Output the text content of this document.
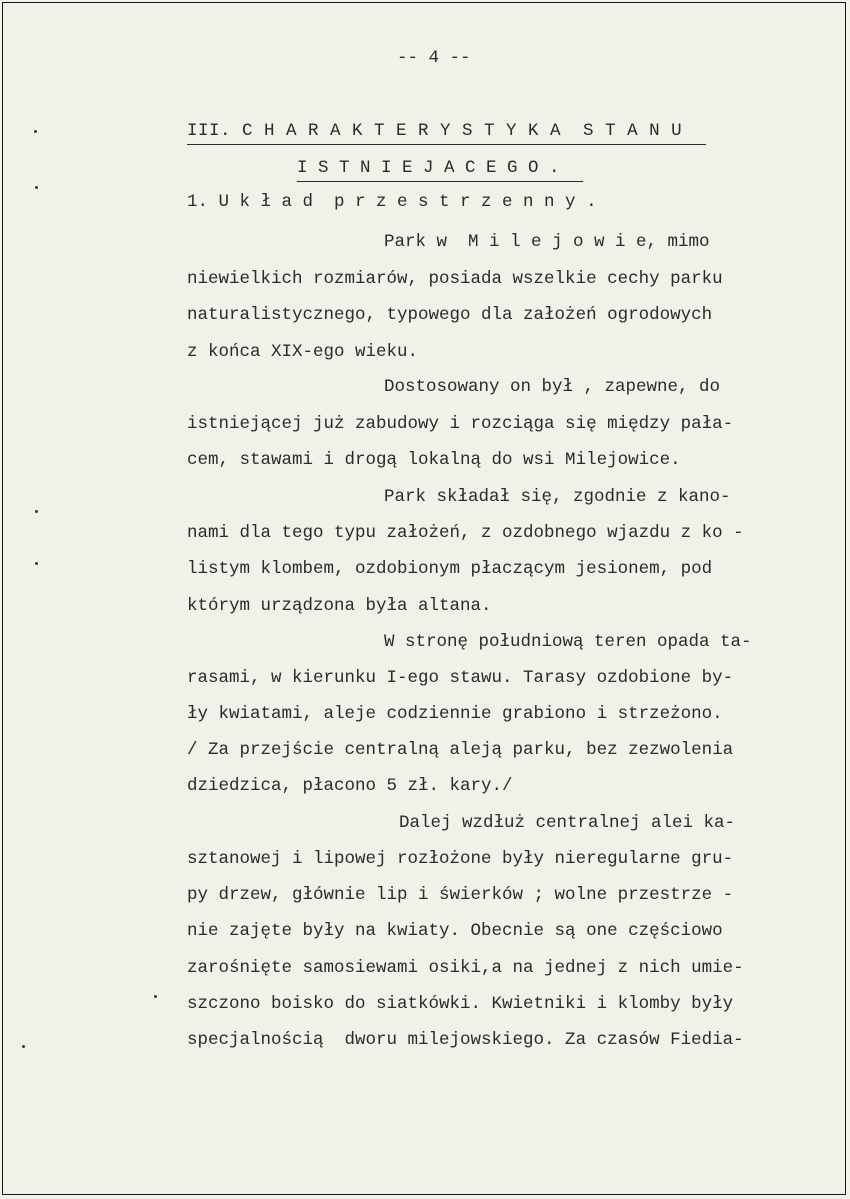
-- 4 --
III. C H A R A K T E R Y S T Y K A  S T A N U
I S T N I E J A C E G O .
1. U k ł a d  p r z e s t r z e n n y .
Park w  M i l e j o w i e, mimo
niewielkich rozmiarów, posiada wszelkie cechy parku
naturalistycznego, typowego dla założeń ogrodowych
z końca XIX-ego wieku.
Dostosowany on był , zapewne, do
istniejącej już zabudowy i rozciąga się między pała-
cem, stawami i drogą lokalną do wsi Milejowice.
Park składał się, zgodnie z kano-
nami dla tego typu założeń, z ozdobnego wjazdu z ko -
listym klombem, ozdobionym płaczącym jesionem, pod
którym urządzona była altana.
W stronę południową teren opada ta-
rasami, w kierunku I-ego stawu. Tarasy ozdobione by-
ły kwiatami, aleje codziennie grabiono i strzeżono.
/ Za przejście centralną aleją parku, bez zezwolenia
dziedzica, płacono 5 zł. kary./
Dalej wzdłuż centralnej alei ka-
sztanowej i lipowej rozłożone były nieregularne gru-
py drzew, głównie lip i świerków ; wolne przestrze -
nie zajęte były na kwiaty. Obecnie są one częściowo
zarośnięte samosiewami osiki,a na jednej z nich umie-
szczono boisko do siatkówki. Kwietniki i klomby były
specjalnością  dworu milejowskiego. Za czasów Fiedia-
